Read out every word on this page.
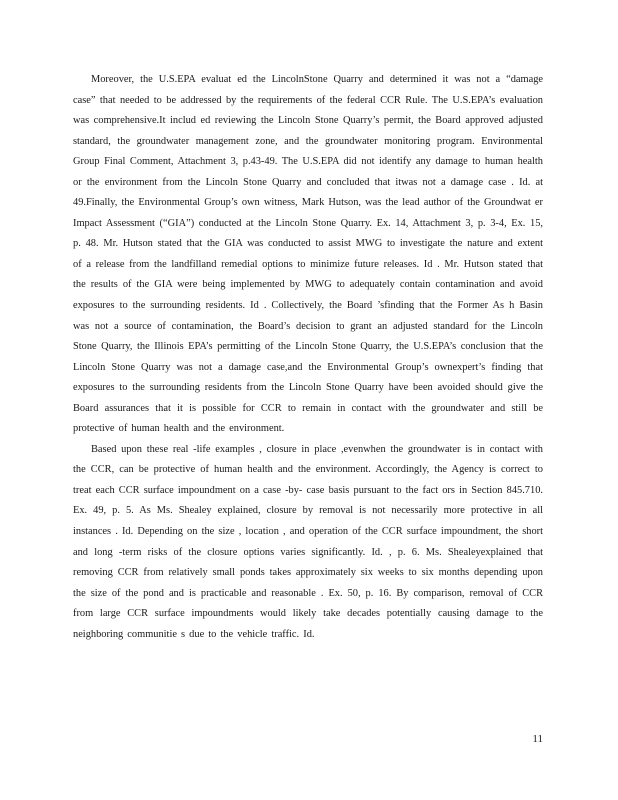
Moreover, the U.S.EPA evaluat ed the LincolnStone Quarry and determined it was not a “damage case” that needed to be addressed by the requirements of the federal CCR Rule. The U.S.EPA’s evaluation was comprehensive.It includ ed reviewing the Lincoln Stone Quarry’s permit, the Board approved adjusted standard, the groundwater management zone, and the groundwater monitoring program. Environmental Group Final Comment, Attachment 3, p.43-49. The U.S.EPA did not identify any damage to human health or the environment from the Lincoln Stone Quarry and concluded that itwas not a damage case . Id. at 49.Finally, the Environmental Group’s own witness, Mark Hutson, was the lead author of the Groundwat er Impact Assessment (“GIA”) conducted at the Lincoln Stone Quarry. Ex. 14, Attachment 3, p. 3-4, Ex. 15, p. 48. Mr. Hutson stated that the GIA was conducted to assist MWG to investigate the nature and extent of a release from the landfilland remedial options to minimize future releases. Id . Mr. Hutson stated that the results of the GIA were being implemented by MWG to adequately contain contamination and avoid exposures to the surrounding residents. Id . Collectively, the Board ’sfinding that the Former As h Basin was not a source of contamination, the Board’s decision to grant an adjusted standard for the Lincoln Stone Quarry, the Illinois EPA’s permitting of the Lincoln Stone Quarry, the U.S.EPA’s conclusion that the Lincoln Stone Quarry was not a damage case,and the Environmental Group’s ownexpert’s finding that exposures to the surrounding residents from the Lincoln Stone Quarry have been avoided should give the Board assurances that it is possible for CCR to remain in contact with the groundwater and still be protective of human health and the environment.

Based upon these real -life examples , closure in place ,evenwhen the groundwater is in contact with the CCR, can be protective of human health and the environment. Accordingly, the Agency is correct to treat each CCR surface impoundment on a case -by- case basis pursuant to the fact ors in Section 845.710. Ex. 49, p. 5. As Ms. Shealey explained, closure by removal is not necessarily more protective in all instances . Id. Depending on the size , location , and operation of the CCR surface impoundment, the short and long -term risks of the closure options varies significantly. Id. , p. 6. Ms. Shealeyexplained that removing CCR from relatively small ponds takes approximately six weeks to six months depending upon the size of the pond and is practicable and reasonable . Ex. 50, p. 16. By comparison, removal of CCR from large CCR surface impoundments would likely take decades potentially causing damage to the neighboring communitie s due to the vehicle traffic. Id.

11
